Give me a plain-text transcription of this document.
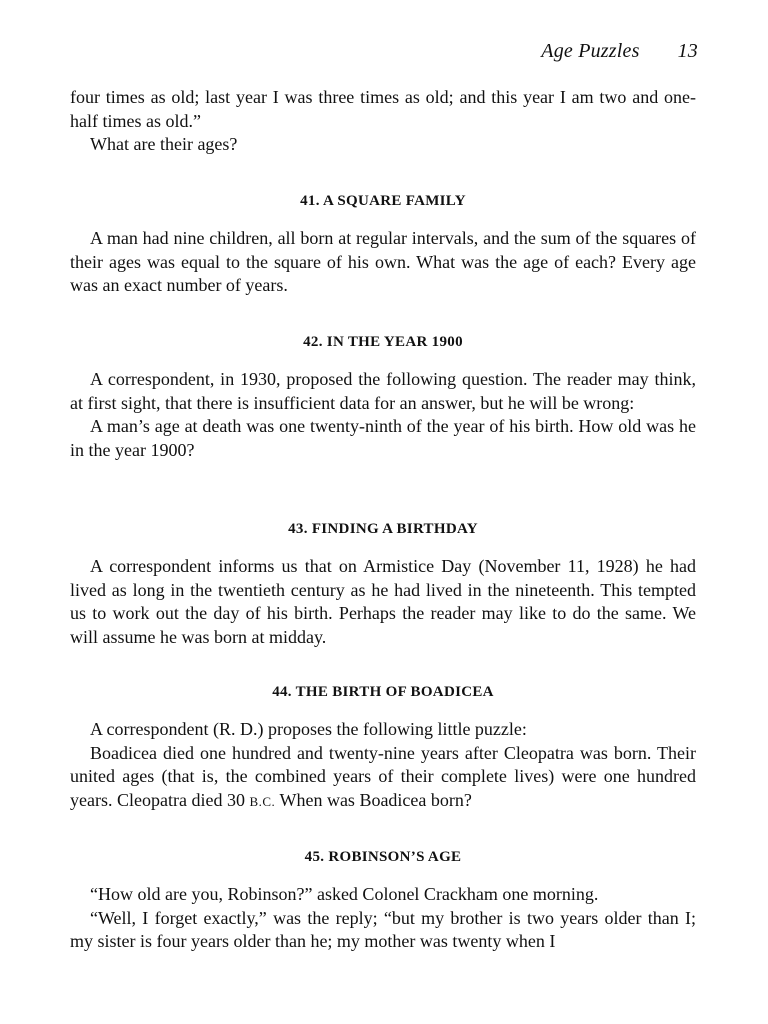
Age Puzzles 13

four times as old; last year I was three times as old; and this year I am two and one-half times as old.”

What are their ages?

41. A SQUARE FAMILY

A man had nine children, all born at regular intervals, and the sum of the squares of their ages was equal to the square of his own. What was the age of each? Every age was an exact number of years.

42. IN THE YEAR 1900

A correspondent, in 1930, proposed the following question. The reader may think, at first sight, that there is insufficient data for an answer, but he will be wrong:

A man’s age at death was one twenty-ninth of the year of his birth. How old was he in the year 1900?

43. FINDING A BIRTHDAY

A correspondent informs us that on Armistice Day (November 11, 1928) he had lived as long in the twentieth century as he had lived in the nineteenth. This tempted us to work out the day of his birth. Perhaps the reader may like to do the same. We will assume he was born at midday.

44. THE BIRTH OF BOADICEA

A correspondent (R. D.) proposes the following little puzzle:

Boadicea died one hundred and twenty-nine years after Cleopatra was born. Their united ages (that is, the combined years of their complete lives) were one hundred years. Cleopatra died 30 B.C. When was Boadicea born?

45. ROBINSON’S AGE

“How old are you, Robinson?” asked Colonel Crackham one morning.

“Well, I forget exactly,” was the reply; “but my brother is two years older than I; my sister is four years older than he; my mother was twenty when I
